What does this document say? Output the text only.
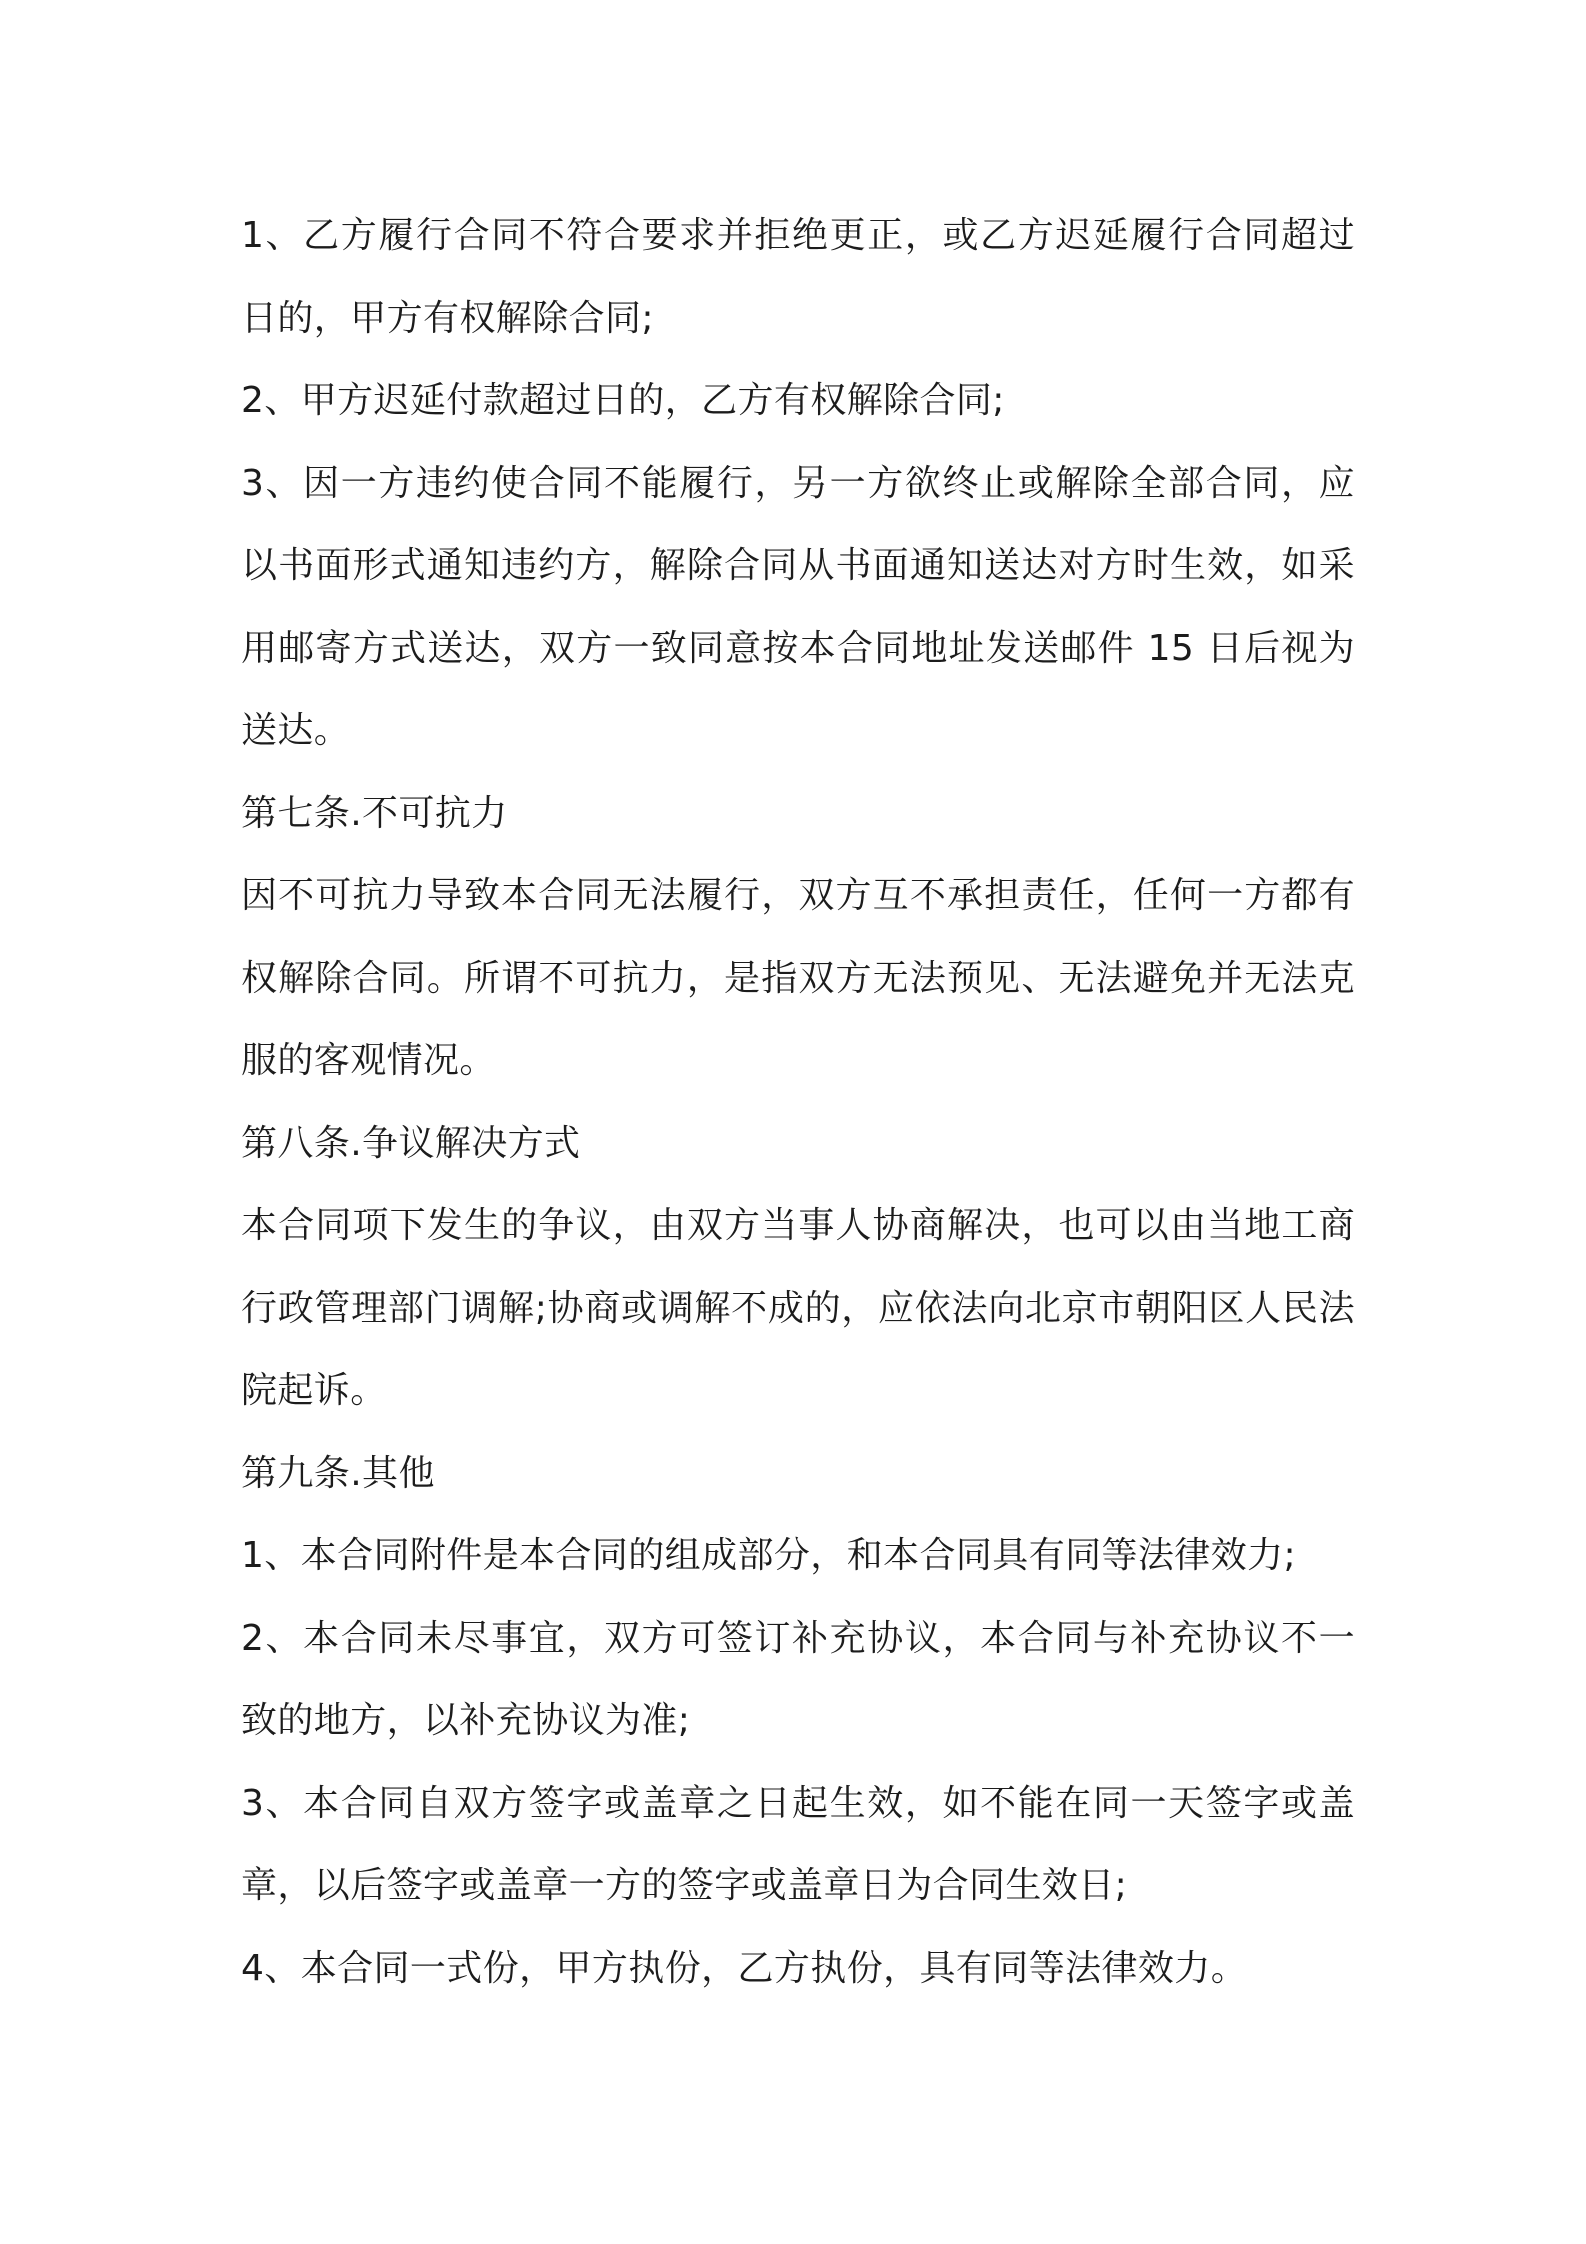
1、乙方履行合同不符合要求并拒绝更正，或乙方迟延履行合同超过日的，甲方有权解除合同;

2、甲方迟延付款超过日的，乙方有权解除合同;

3、因一方违约使合同不能履行，另一方欲终止或解除全部合同，应以书面形式通知违约方，解除合同从书面通知送达对方时生效，如采用邮寄方式送达，双方一致同意按本合同地址发送邮件 15 日后视为送达。

第七条.不可抗力

因不可抗力导致本合同无法履行，双方互不承担责任，任何一方都有权解除合同。所谓不可抗力，是指双方无法预见、无法避免并无法克服的客观情况。

第八条.争议解决方式

本合同项下发生的争议，由双方当事人协商解决，也可以由当地工商行政管理部门调解;协商或调解不成的，应依法向北京市朝阳区人民法院起诉。

第九条.其他

1、本合同附件是本合同的组成部分，和本合同具有同等法律效力;

2、本合同未尽事宜，双方可签订补充协议，本合同与补充协议不一致的地方，以补充协议为准;

3、本合同自双方签字或盖章之日起生效，如不能在同一天签字或盖章，以后签字或盖章一方的签字或盖章日为合同生效日;

4、本合同一式份，甲方执份，乙方执份，具有同等法律效力。
